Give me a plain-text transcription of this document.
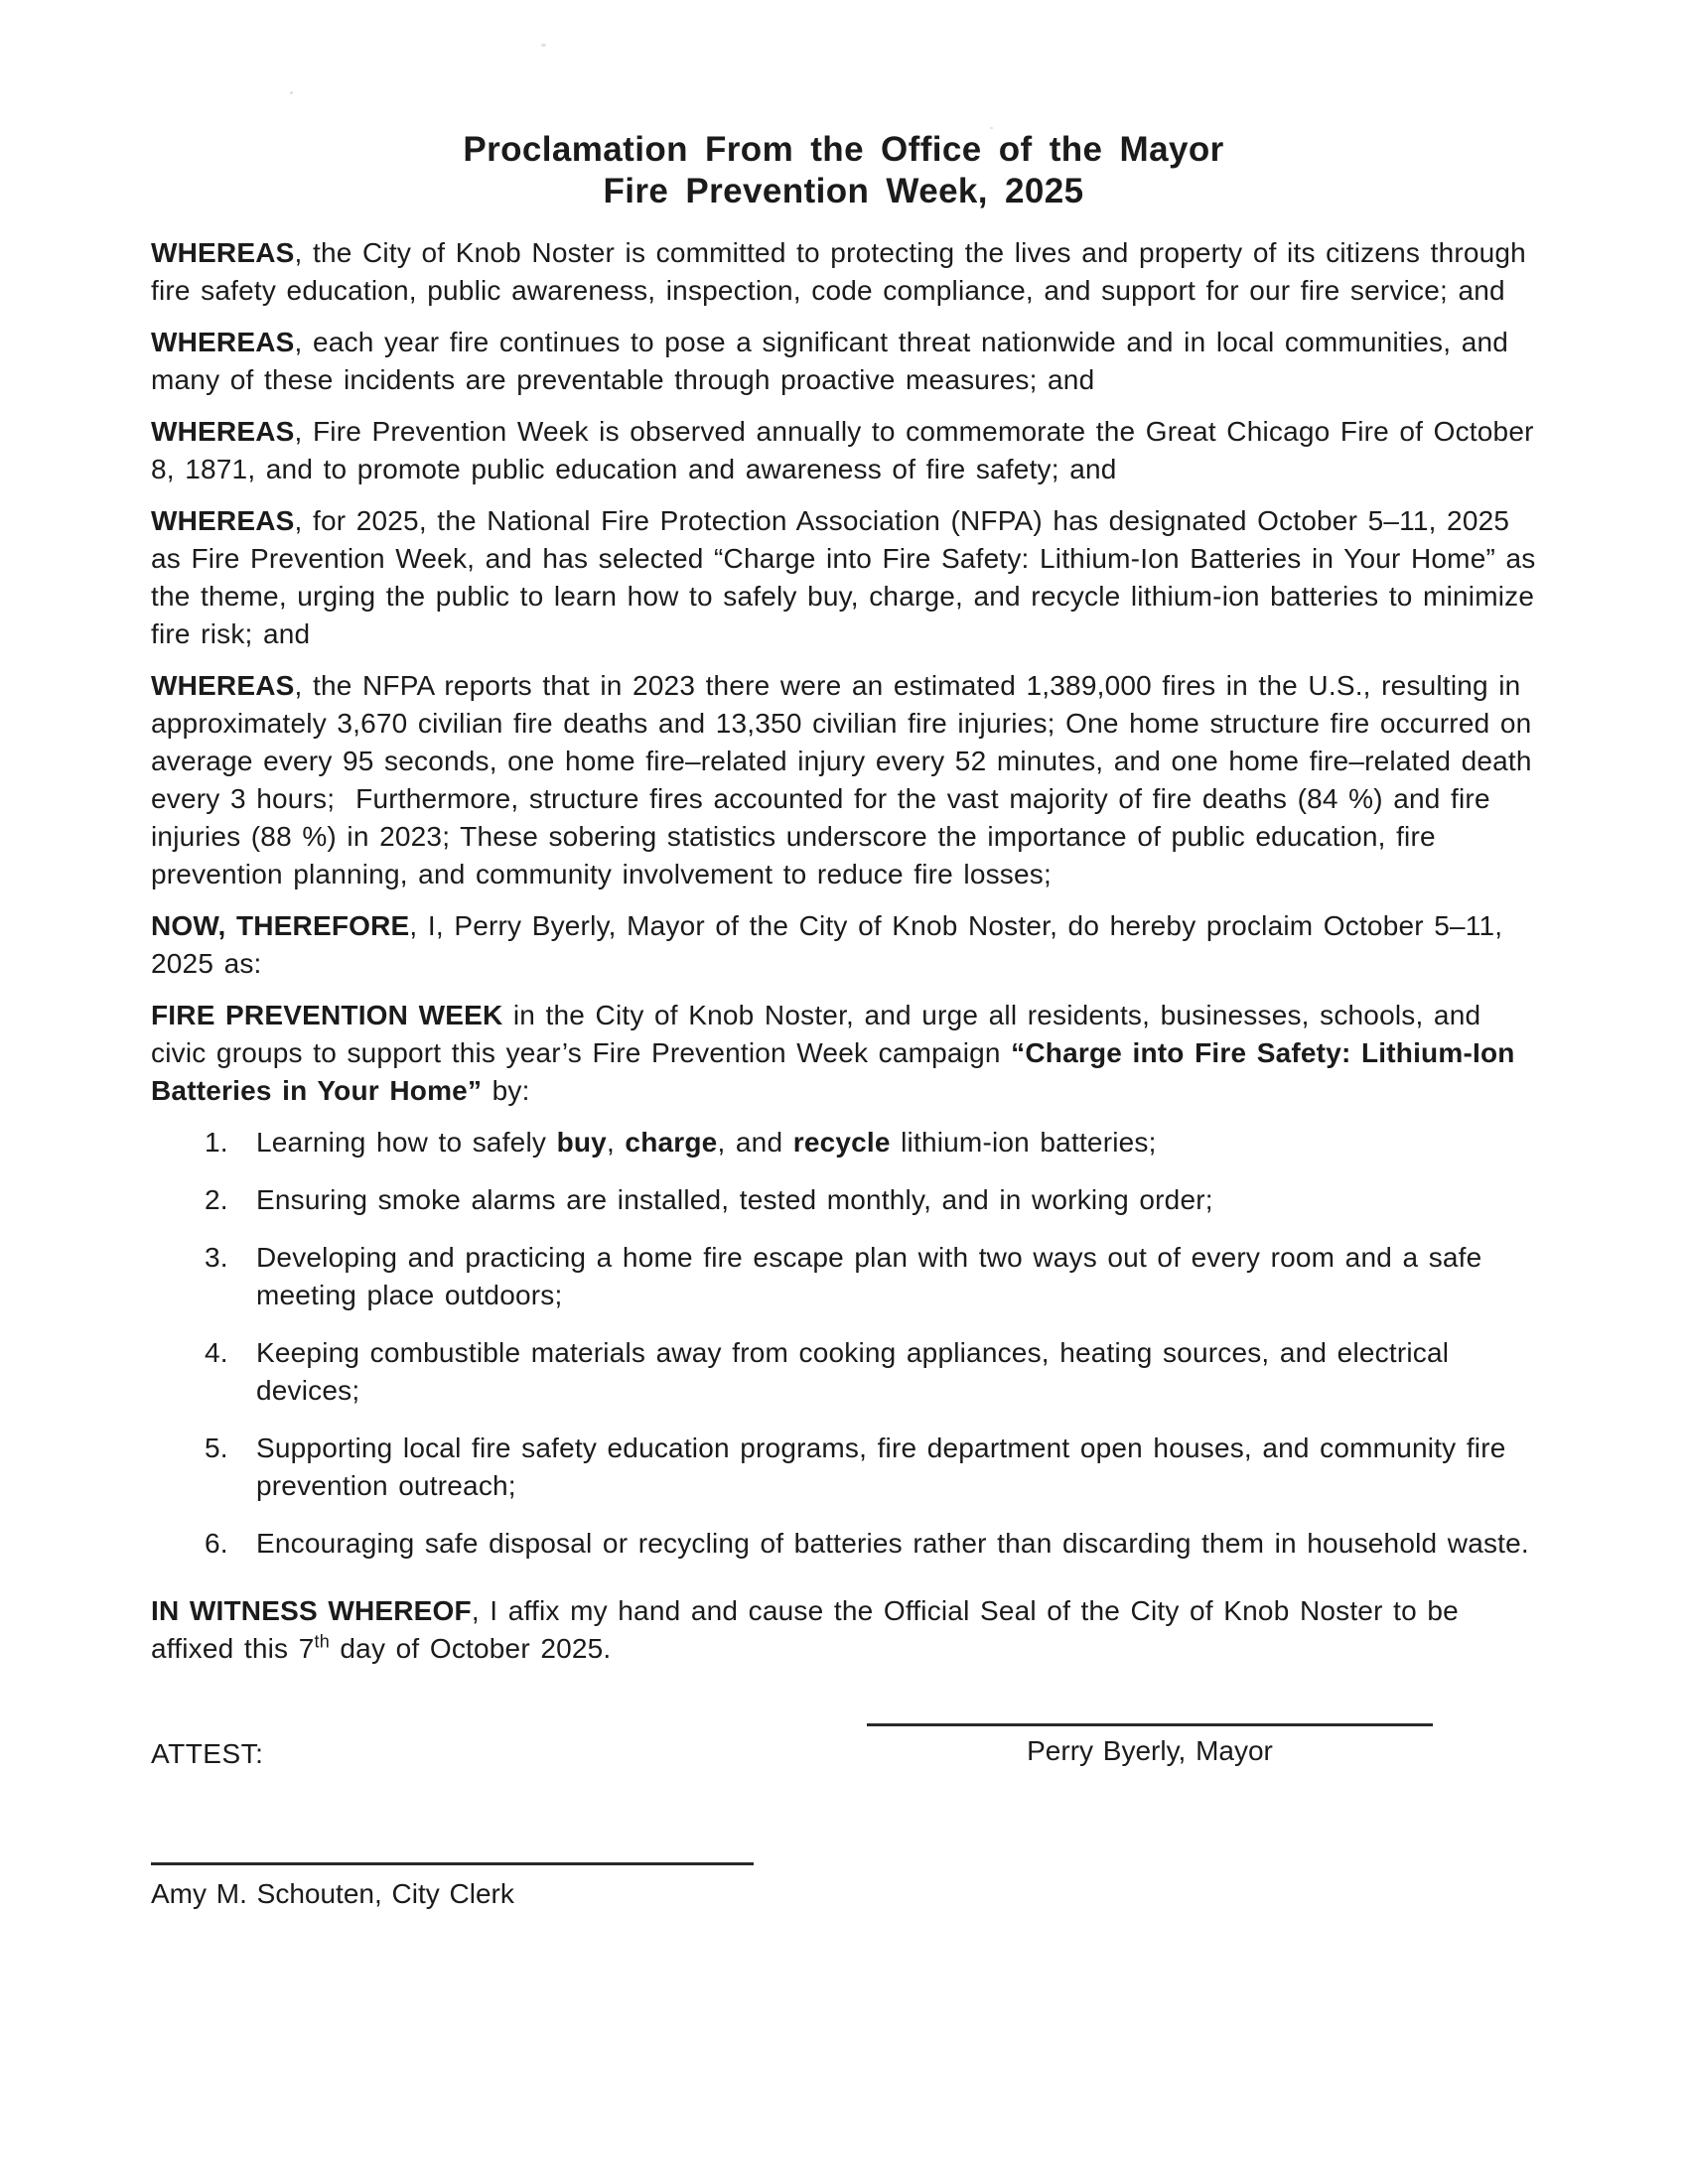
Proclamation From the Office of the Mayor
Fire Prevention Week, 2025

WHEREAS, the City of Knob Noster is committed to protecting the lives and property of its citizens through fire safety education, public awareness, inspection, code compliance, and support for our fire service; and

WHEREAS, each year fire continues to pose a significant threat nationwide and in local communities, and many of these incidents are preventable through proactive measures; and

WHEREAS, Fire Prevention Week is observed annually to commemorate the Great Chicago Fire of October 8, 1871, and to promote public education and awareness of fire safety; and

WHEREAS, for 2025, the National Fire Protection Association (NFPA) has designated October 5–11, 2025 as Fire Prevention Week, and has selected “Charge into Fire Safety: Lithium-Ion Batteries in Your Home” as the theme, urging the public to learn how to safely buy, charge, and recycle lithium-ion batteries to minimize fire risk; and

WHEREAS, the NFPA reports that in 2023 there were an estimated 1,389,000 fires in the U.S., resulting in approximately 3,670 civilian fire deaths and 13,350 civilian fire injuries; One home structure fire occurred on average every 95 seconds, one home fire–related injury every 52 minutes, and one home fire–related death every 3 hours;  Furthermore, structure fires accounted for the vast majority of fire deaths (84 %) and fire injuries (88 %) in 2023; These sobering statistics underscore the importance of public education, fire prevention planning, and community involvement to reduce fire losses;

NOW, THEREFORE, I, Perry Byerly, Mayor of the City of Knob Noster, do hereby proclaim October 5–11, 2025 as:

FIRE PREVENTION WEEK in the City of Knob Noster, and urge all residents, businesses, schools, and civic groups to support this year’s Fire Prevention Week campaign “Charge into Fire Safety: Lithium-Ion Batteries in Your Home” by:

1.	Learning how to safely buy, charge, and recycle lithium-ion batteries;
2.	Ensuring smoke alarms are installed, tested monthly, and in working order;
3.	Developing and practicing a home fire escape plan with two ways out of every room and a safe meeting place outdoors;
4.	Keeping combustible materials away from cooking appliances, heating sources, and electrical devices;
5.	Supporting local fire safety education programs, fire department open houses, and community fire prevention outreach;
6.	Encouraging safe disposal or recycling of batteries rather than discarding them in household waste.

IN WITNESS WHEREOF, I affix my hand and cause the Official Seal of the City of Knob Noster to be affixed this 7th day of October 2025.

ATTEST:	Perry Byerly, Mayor
Amy M. Schouten, City Clerk
